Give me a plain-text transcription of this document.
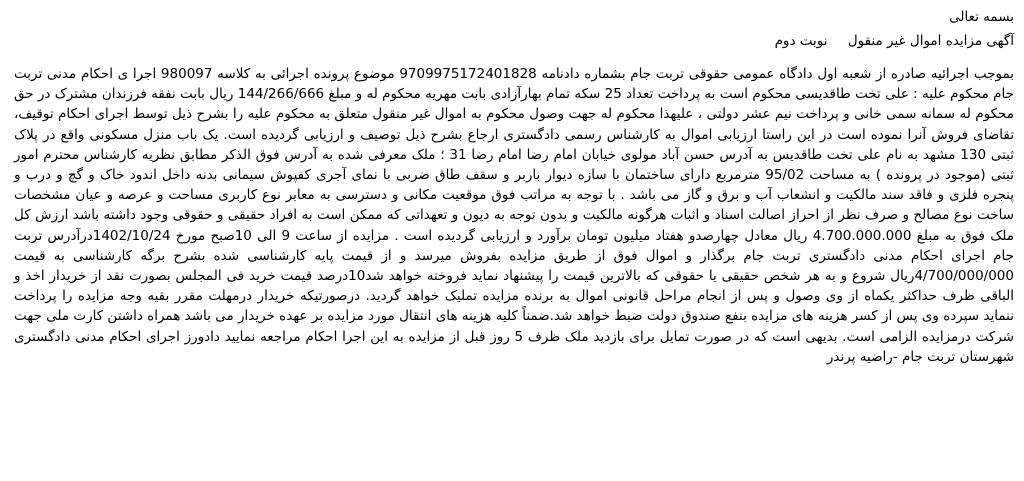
بسمه تعالی
آگهی مزایده اموال غیر منقول نوبت دوم
بموجب اجرائیه صادره از شعبه اول دادگاه عمومی حقوقی تربت جام بشماره دادنامه 9709975172401828 موضوع پرونده اجرائی به کلاسه 980097 اجرا ی احکام مدنی تربت جام محکوم علیه : علی تخت طاقدیسی محکوم است به پرداخت تعداد 25 سکه تمام بهارآزادی بابت مهریه محکوم له و مبلغ 144/266/666 ریال بابت نفقه فرزندان مشترک در حق محکوم له سمانه سمی خانی و پرداخت نیم عشر دولتی ، علیهذا محکوم له جهت وصول محکوم به اموال غیر منقول متعلق به محکوم علیه را بشرح ذیل توسط اجرای احکام توقیف، تقاضای فروش آنرا نموده است در این راستا ارزیابی اموال به کارشناس رسمی دادگستری ارجاع بشرح ذیل توصیف و ارزیابی گردیده است. یک باب منزل مسکونی واقع در پلاک ثبتی 130 مشهد به نام علی تخت طاقدیس به آدرس حسن آباد مولوی خیابان امام رضا امام رضا 31 ؛ ملک معرفی شده به آدرس فوق الذکر مطابق نظریه کارشناس محترم امور ثبتی (موجود در پرونده ) به مساحت 95/02 مترمربع دارای ساختمان با سازه دیوار باربر و سقف طاق ضربی با نمای آجری کفپوش سیمانی بدنه داخل اندود خاک و گچ و درب و پنجره فلزی و فاقد سند مالکیت و انشعاب آب و برق و گاز می باشد . با توجه به مراتب فوق موقعیت مکانی و دسترسی به معابر نوع کاربری مساحت و عرصه و عیان مشخصات ساخت نوع مصالح و صرف نظر از احراز اصالت اسناد و اثبات هرگونه مالکیت و بدون توجه به دیون و تعهداتی که ممکن است به افراد حقیقی و حقوقی وجود داشته باشد ارزش کل ملک فوق به مبلغ 4.700.000.000 ریال معادل چهارصدو هفتاد میلیون تومان برآورد و ارزیابی گردیده است . مزایده از ساعت 9 الی 10صبح مورخ 1402/10/24درآدرس تربت جام اجرای احکام مدنی دادگستری تربت جام برگذار و اموال فوق از طریق مزایده بفروش میرسد و از قیمت پایه کارشناسی شده بشرح برگه کارشناسی به قیمت 4/700/000/000ریال شروع و به هر شخص حقیقی یا حقوقی که بالاترین قیمت را پیشنهاد نماید فروخته خواهد شد10درصد قیمت خرید فی المجلس بصورت نقد از خریدار اخذ و الباقی ظرف حداکثر یکماه از وی وصول و پس از انجام مراحل قانونی اموال به برنده مزایده تملیک خواهد گردید. درصورتیکه خریدار درمهلت مقرر بقیه وجه مزایده را پرداخت ننماید سپرده وی پس از کسر هزینه های مزایده بنفع صندوق دولت ضبط خواهد شد.ضمناً کلیه هزینه های انتقال مورد مزایده بر عهده خریدار می باشد همراه داشتن کارت ملی جهت شرکت درمزایده الزامی است. بدیهی است که در صورت تمایل برای بازدید ملک ظرف 5 روز قبل از مزایده به این اجرا احکام مراجعه نمایید دادورز اجرای احکام مدنی دادگستری شهرستان تربت جام -راضیه پرندر
